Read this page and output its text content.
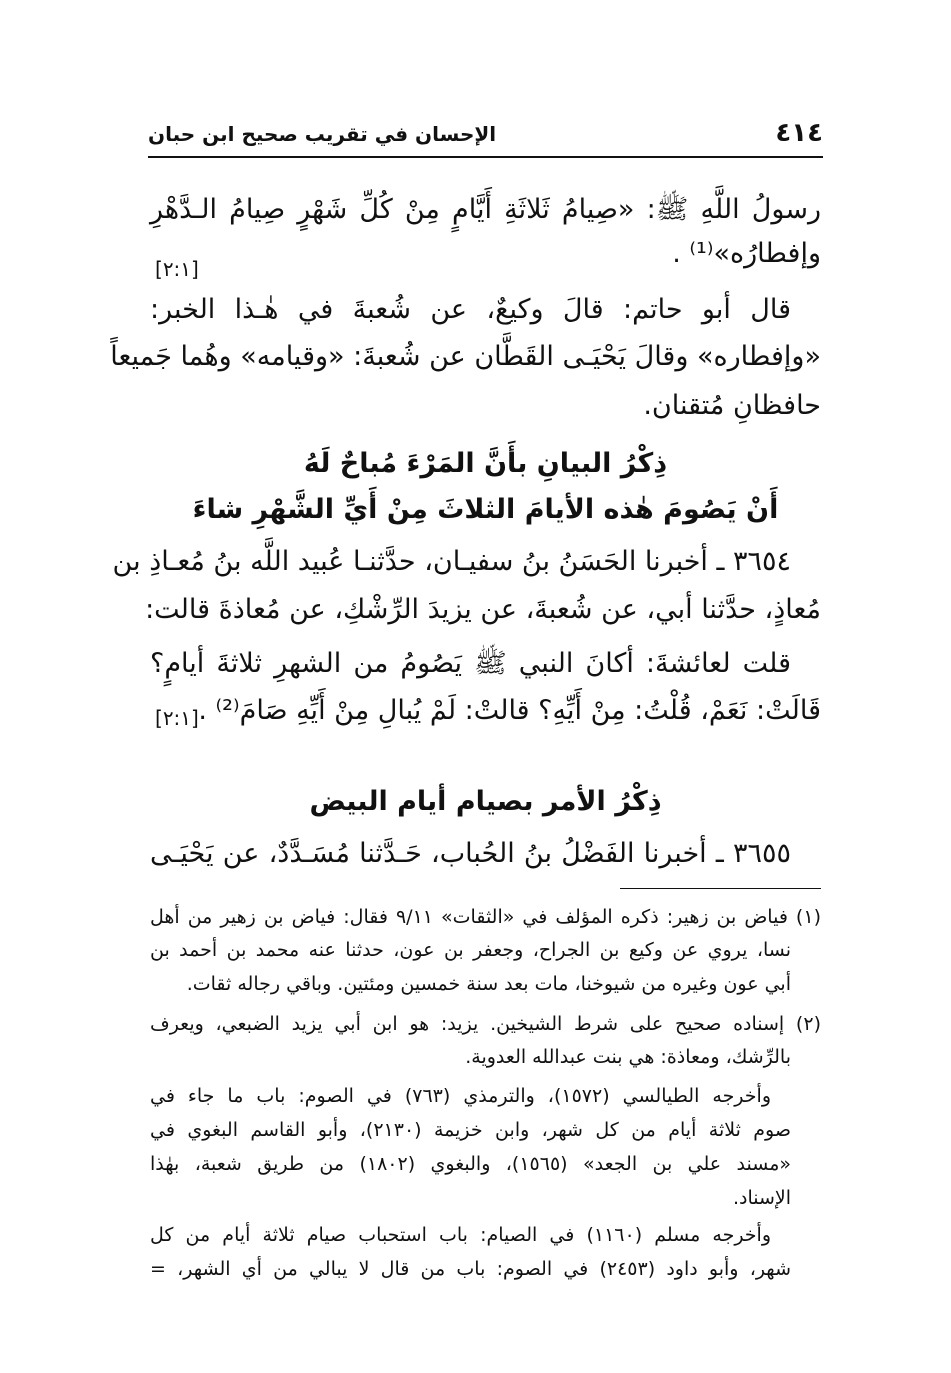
٤١٤
الإحسان في تقريب صحيح ابن حبان
رسولُ اللَّهِ ﷺ: «صِيامُ ثَلاثَةِ أَيَّامٍ مِنْ كُلِّ شَهْرٍ صِيامُ الـدَّهْرِ
وإفطارُه»⁽¹⁾ .
[٢:١]
قال أبو حاتم: قالَ وكيعٌ، عن شُعبةَ في هٰـذا الخبر:
«وإفطاره» وقالَ يَحْيَـى القَطَّان عن شُعبةَ: «وقيامه» وهُما جَميعاً
حافظانِ مُتقنان.
ذِكْرُ البيانِ بأَنَّ المَرْءَ مُباحٌ لَهُ
أَنْ يَصُومَ هٰذه الأيامَ الثلاثَ مِنْ أَيِّ الشَّهْرِ شاءَ
٣٦٥٤ ـ أخبرنا الحَسَنُ بنُ سفيـان، حدَّثنـا عُبيد اللَّه بنُ مُعـاذِ بن
مُعاذٍ، حدَّثنا أبي، عن شُعبةَ، عن يزيدَ الرِّشْكِ، عن مُعاذةَ قالت:
قلت لعائشةَ: أكانَ النبي ﷺ يَصُومُ من الشهرِ ثلاثةَ أيامٍ؟
قَالَتْ: نَعَمْ، قُلْتُ: مِنْ أَيِّهِ؟ قالتْ: لَمْ يُبالِ مِنْ أَيِّهِ صَامَ⁽²⁾ .
[٢:١]
ذِكْرُ الأمر بصيام أيام البيض
٣٦٥٥ ـ أخبرنا الفَضْلُ بنُ الحُباب، حَـدَّثنا مُسَـدَّدٌ، عن يَحْيَـى
(١) فياض بن زهير: ذكره المؤلف في «الثقات» ٩/١١ فقال: فياض بن زهير من أهل
نسا، يروي عن وكيع بن الجراح، وجعفر بن عون، حدثنا عنه محمد بن أحمد بن
أبي عون وغيره من شيوخنا، مات بعد سنة خمسين ومئتين. وباقي رجاله ثقات.
(٢) إسناده صحيح على شرط الشيخين. يزيد: هو ابن أبي يزيد الضبعي، ويعرف
بالرِّشك، ومعاذة: هي بنت عبدالله العدوية.
وأخرجه الطيالسي (١٥٧٢)، والترمذي (٧٦٣) في الصوم: باب ما جاء في
صوم ثلاثة أيام من كل شهر، وابن خزيمة (٢١٣٠)، وأبو القاسم البغوي في
«مسند علي بن الجعد» (١٥٦٥)، والبغوي (١٨٠٢) من طريق شعبة، بهٰذا
الإسناد.
وأخرجه مسلم (١١٦٠) في الصيام: باب استحباب صيام ثلاثة أيام من كل
شهر، وأبو داود (٢٤٥٣) في الصوم: باب من قال لا يبالي من أي الشهر، =
